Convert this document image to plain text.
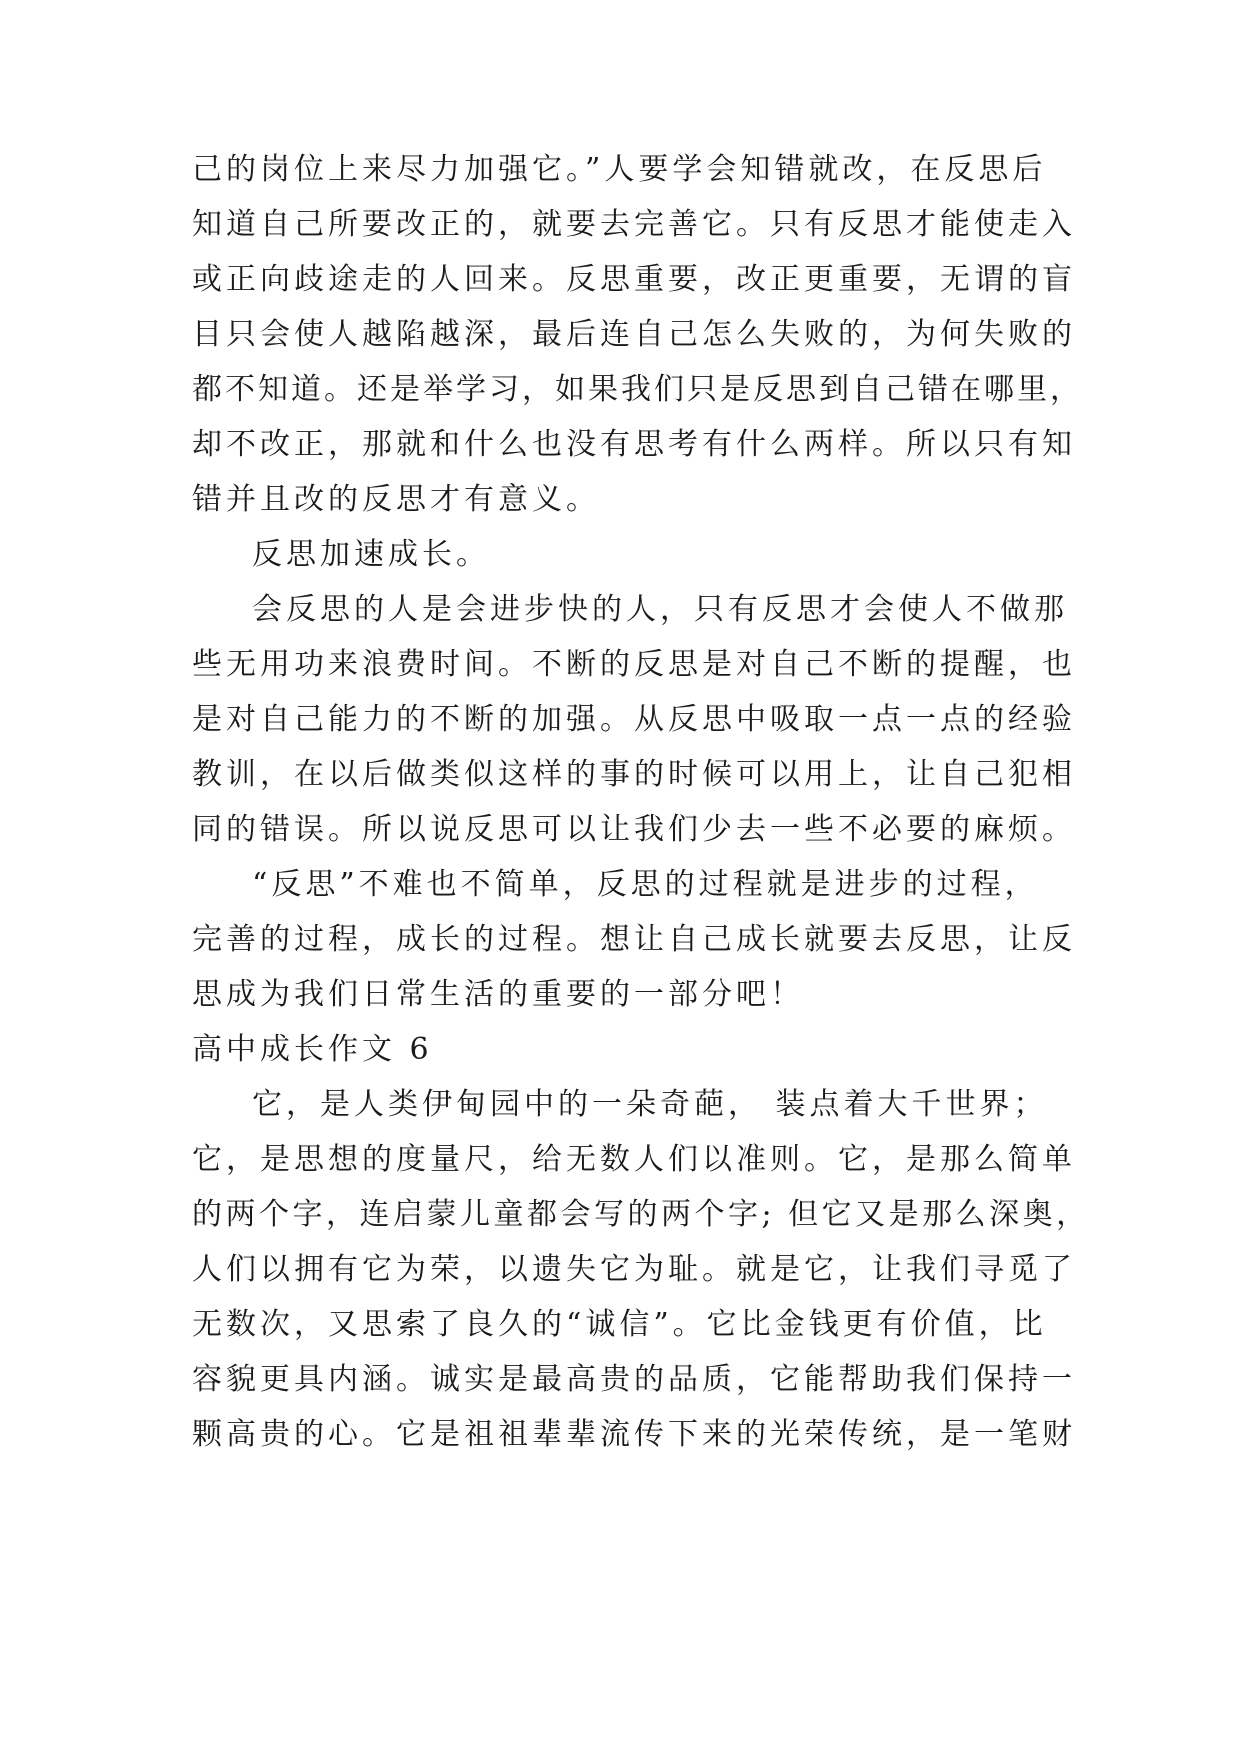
己的岗位上来尽力加强它。”人要学会知错就改，在反思后
知道自己所要改正的，就要去完善它。只有反思才能使走入
或正向歧途走的人回来。反思重要，改正更重要，无谓的盲
目只会使人越陷越深，最后连自己怎么失败的，为何失败的
都不知道。还是举学习，如果我们只是反思到自己错在哪里，
却不改正，那就和什么也没有思考有什么两样。所以只有知
错并且改的反思才有意义。
反思加速成长。
会反思的人是会进步快的人，只有反思才会使人不做那
些无用功来浪费时间。不断的反思是对自己不断的提醒，也
是对自己能力的不断的加强。从反思中吸取一点一点的经验
教训，在以后做类似这样的事的时候可以用上，让自己犯相
同的错误。所以说反思可以让我们少去一些不必要的麻烦。
“反思”不难也不简单，反思的过程就是进步的过程，
完善的过程，成长的过程。想让自己成长就要去反思，让反
思成为我们日常生活的重要的一部分吧！
高中成长作文 6
它，是人类伊甸园中的一朵奇葩， 装点着大千世界；
它，是思想的度量尺，给无数人们以准则。它，是那么简单
的两个字，连启蒙儿童都会写的两个字; 但它又是那么深奥，
人们以拥有它为荣，以遗失它为耻。就是它，让我们寻觅了
无数次，又思索了良久的“诚信”。它比金钱更有价值，比
容貌更具内涵。诚实是最高贵的品质，它能帮助我们保持一
颗高贵的心。它是祖祖辈辈流传下来的光荣传统，是一笔财
